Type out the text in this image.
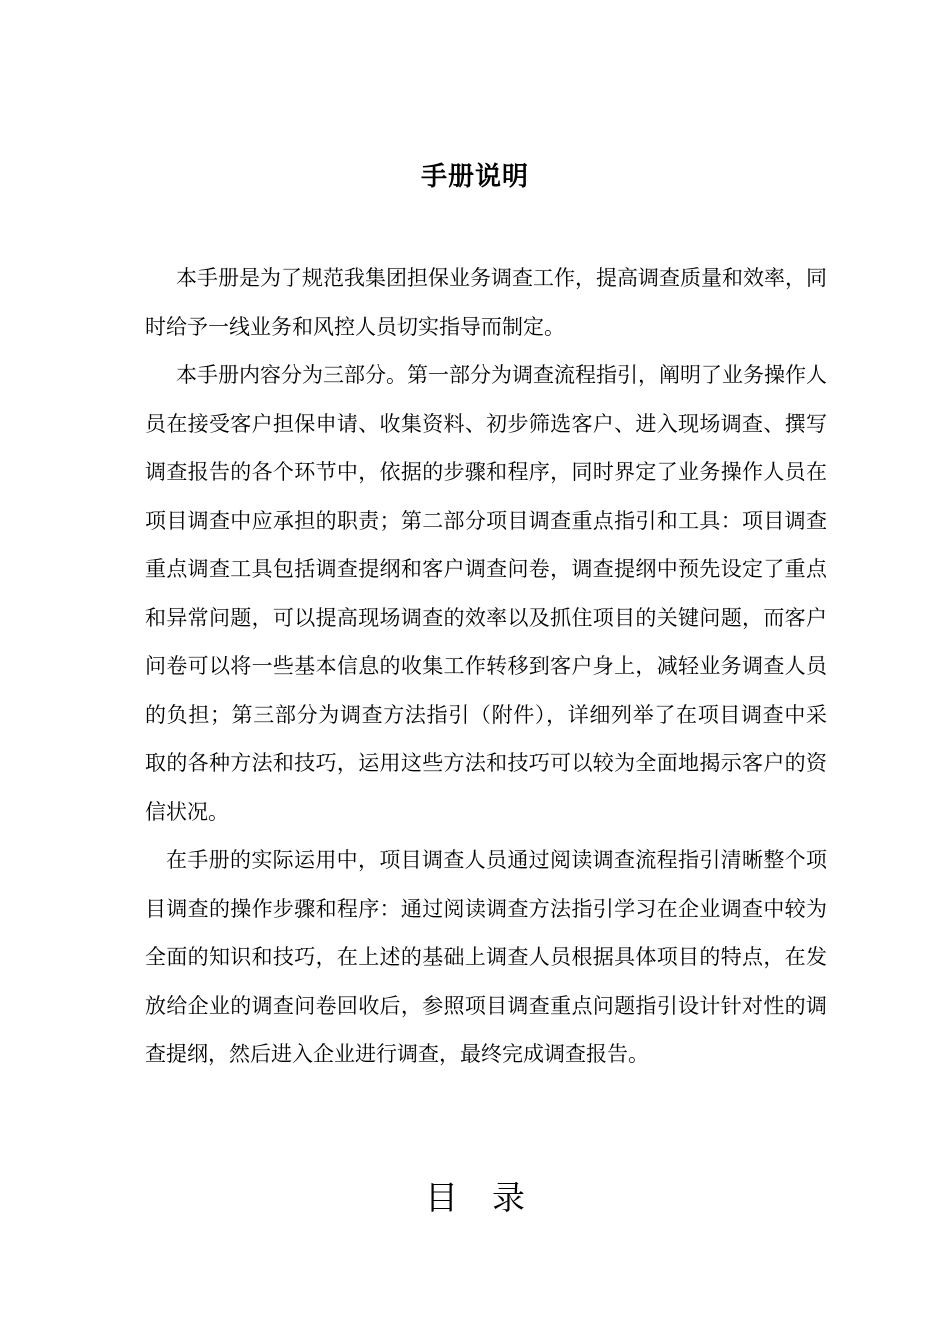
手册说明

本手册是为了规范我集团担保业务调查工作，提高调查质量和效率，同时给予一线业务和风控人员切实指导而制定。

本手册内容分为三部分。第一部分为调查流程指引，阐明了业务操作人员在接受客户担保申请、收集资料、初步筛选客户、进入现场调查、撰写调查报告的各个环节中，依据的步骤和程序，同时界定了业务操作人员在项目调查中应承担的职责；第二部分项目调查重点指引和工具：项目调查重点调查工具包括调查提纲和客户调查问卷，调查提纲中预先设定了重点和异常问题，可以提高现场调查的效率以及抓住项目的关键问题，而客户问卷可以将一些基本信息的收集工作转移到客户身上，减轻业务调查人员的负担；第三部分为调查方法指引（附件），详细列举了在项目调查中采取的各种方法和技巧，运用这些方法和技巧可以较为全面地揭示客户的资信状况。

在手册的实际运用中，项目调查人员通过阅读调查流程指引清晰整个项目调查的操作步骤和程序：通过阅读调查方法指引学习在企业调查中较为全面的知识和技巧，在上述的基础上调查人员根据具体项目的特点，在发放给企业的调查问卷回收后，参照项目调查重点问题指引设计针对性的调查提纲，然后进入企业进行调查，最终完成调查报告。

目录
